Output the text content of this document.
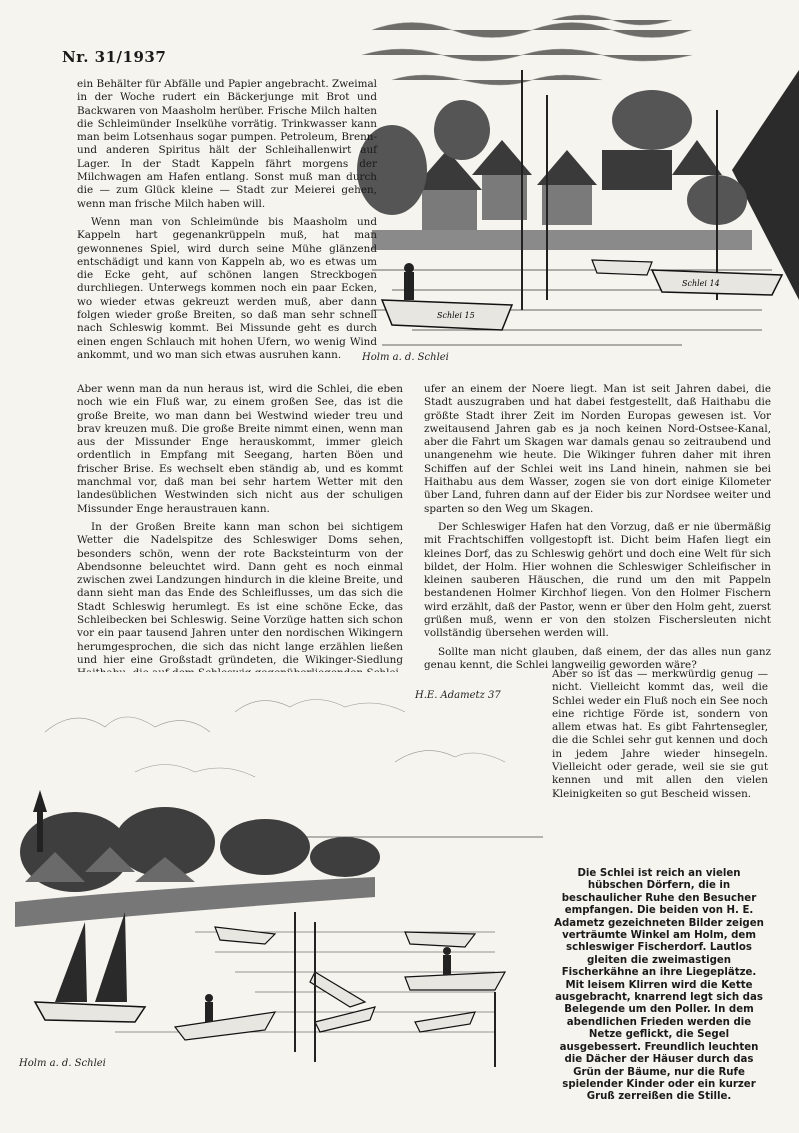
Nr. 31/1937
Schlei 15
Schlei 14
Holm a. d. Schlei

ein Behälter für Abfälle und Papier angebracht. Zweimal in der Woche rudert ein Bäckerjunge mit Brot und Backwaren von Maasholm herüber. Frische Milch halten die Schleimünder Inselkühe vorrätig. Trinkwasser kann man beim Lotsenhaus sogar pumpen. Petroleum, Brenn- und anderen Spiritus hält der Schleihallenwirt auf Lager. In der Stadt Kappeln fährt morgens der Milchwagen am Hafen entlang. Sonst muß man durch die — zum Glück kleine — Stadt zur Meierei gehen, wenn man frische Milch haben will.

Wenn man von Schleimünde bis Maasholm und Kappeln hart gegenankrüppeln muß, hat man gewonnenes Spiel, wird durch seine Mühe glänzend entschädigt und kann von Kappeln ab, wo es etwas um die Ecke geht, auf schönen langen Streckbogen durchliegen. Unterwegs kommen noch ein paar Ecken, wo wieder etwas gekreuzt werden muß, aber dann folgen wieder große Breiten, so daß man sehr schnell nach Schleswig kommt. Bei Missunde geht es durch einen engen Schlauch mit hohen Ufern, wo wenig Wind ankommt, und wo man sich etwas ausruhen kann.

Aber wenn man da nun heraus ist, wird die Schlei, die eben noch wie ein Fluß war, zu einem großen See, das ist die große Breite, wo man dann bei Westwind wieder treu und brav kreuzen muß. Die große Breite nimmt einen, wenn man aus der Missunder Enge herauskommt, immer gleich ordentlich in Empfang mit Seegang, harten Böen und frischer Brise. Es wechselt eben ständig ab, und es kommt manchmal vor, daß man bei sehr hartem Wetter mit den landesüblichen Westwinden sich nicht aus der schuligen Missunder Enge heraustrauen kann.

In der Großen Breite kann man schon bei sichtigem Wetter die Nadelspitze des Schleswiger Doms sehen, besonders schön, wenn der rote Backsteinturm von der Abendsonne beleuchtet wird. Dann geht es noch einmal zwischen zwei Landzungen hindurch in die kleine Breite, und dann sieht man das Ende des Schleiflusses, um das sich die Stadt Schleswig herumlegt. Es ist eine schöne Ecke, das Schleibecken bei Schleswig. Seine Vorzüge hatten sich schon vor ein paar tausend Jahren unter den nordischen Wikingern herumgesprochen, die sich das nicht lange erzählen ließen und hier eine Großstadt gründeten, die Wikinger-Siedlung

ufer an einem der Noere liegt. Man ist seit Jahren dabei, die Stadt auszugraben und hat dabei festgestellt, daß Haithabu die größte Stadt ihrer Zeit im Norden Europas gewesen ist. Vor zweitausend Jahren gab es ja noch keinen Nord-Ostsee-Kanal, aber die Fahrt um Skagen war damals genau so zeitraubend und unangenehm wie heute. Die Wikinger fuhren daher mit ihren Schiffen auf der Schlei weit ins Land hinein, nahmen sie bei Haithabu aus dem Wasser, zogen sie von dort einige Kilometer über Land, fuhren dann auf der Eider bis zur Nordsee weiter und sparten so den Weg um Skagen.

Der Schleswiger Hafen hat den Vorzug, daß er nie übermäßig mit Frachtschiffen vollgestopft ist. Dicht beim Hafen liegt ein kleines Dorf, das zu Schleswig gehört und doch eine Welt für sich bildet, der Holm. Hier wohnen die Schleswiger Schleifischer in kleinen sauberen Häuschen, die rund um den mit Pappeln bestandenen Holmer Kirchhof liegen. Von den Holmer Fischern wird erzählt, daß der Pastor, wenn er über den Holm geht, zuerst grüßen muß, wenn er von den stolzen Fischersleuten nicht vollständig übersehen werden will.

Sollte man nicht glauben, daß einem, der das alles nun ganz genau kennt, die Schlei langweilig geworden wäre?

Aber so ist das — merkwürdig genug — nicht. Vielleicht kommt das, weil die Schlei weder ein Fluß noch ein See noch eine richtige Förde ist, sondern von allem etwas hat. Es gibt Fahrtensegler, die die Schlei sehr gut kennen und doch in jedem Jahre wieder hinsegeln. Vielleicht oder gerade, weil sie sie gut kennen und mit allen den vielen Kleinigkeiten so gut Bescheid wissen.

H.E. Adametz 37
Holm a. d. Schlei
Die Schlei ist reich an vielen hübschen Dörfern, die in beschaulicher Ruhe den Besucher empfangen. Die beiden von H. E. Adametz gezeichneten Bilder zeigen verträumte Winkel am Holm, dem schleswiger Fischerdorf. Lautlos gleiten die zweimastigen Fischerkähne an ihre Liegeplätze. Mit leisem Klirren wird die Kette ausgebracht, knarrend legt sich das Belegende um den Poller. In dem abendlichen Frieden werden die Netze geflickt, die Segel ausgebessert. Freundlich leuchten die Dächer der Häuser durch das Grün der Bäume, nur die Rufe spielender Kinder oder ein kurzer Gruß zerreißen die Stille.
